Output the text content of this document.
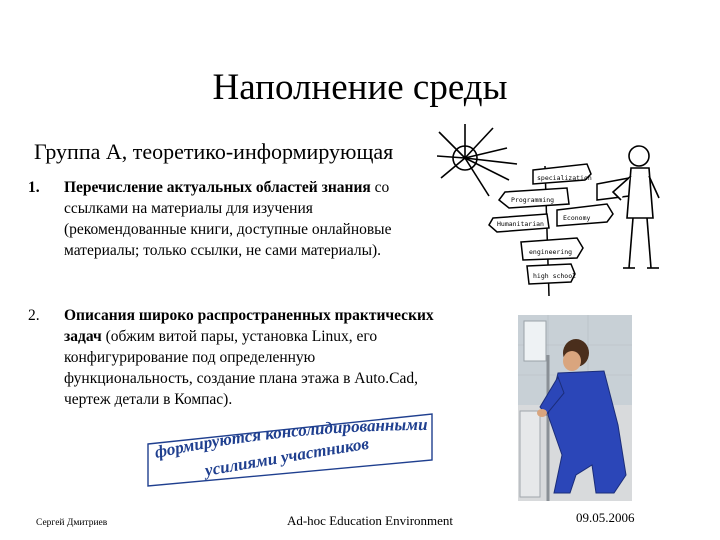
Наполнение среды
Группа А, теоретико-информирующая
1.	Перечисление актуальных областей знания со ссылками на материалы для изучения (рекомендованные книги, доступные онлайновые материалы; только ссылки, не сами материалы).
2.	Описания широко распространенных практических задач (обжим витой пары, установка Linux, его конфигурирование под определенную функциональность, создание плана этажа в Auto.Cad, чертеж детали в Компас).
формируются консолидированными
усилиями участников
specialization
Programming
Economy
Humanitarian
engineering
high school
Сергей Дмитриев	Ad-hoc Education Environment	09.05.2006
